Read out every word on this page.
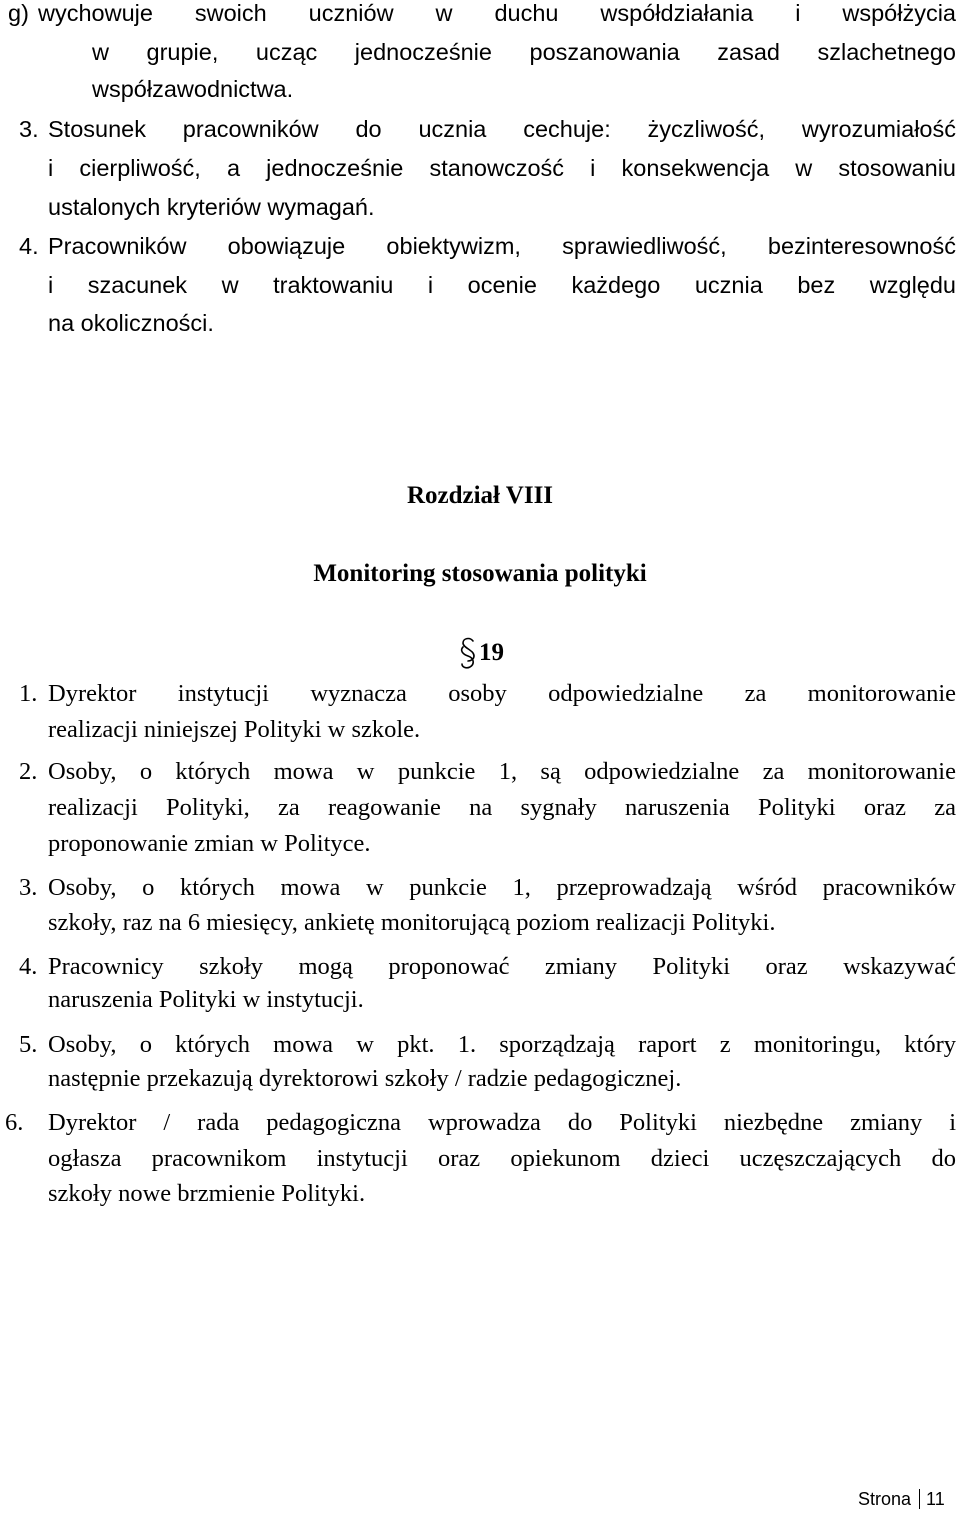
g) wychowuje swoich uczniów w duchu współdziałania i współżycia
w grupie, ucząc jednocześnie poszanowania zasad szlachetnego
współzawodnictwa.
3. Stosunek pracowników do ucznia cechuje: życzliwość, wyrozumiałość
i cierpliwość, a jednocześnie stanowczość i konsekwencja w stosowaniu
ustalonych kryteriów wymagań.
4. Pracowników obowiązuje obiektywizm, sprawiedliwość, bezinteresowność
i szacunek w traktowaniu i ocenie każdego ucznia bez względu
na okoliczności.
Rozdział VIII
Monitoring stosowania polityki
19
1. Dyrektor instytucji wyznacza osoby odpowiedzialne za monitorowanie
realizacji niniejszej Polityki w szkole.
2. Osoby, o których mowa w punkcie 1, są odpowiedzialne za monitorowanie
realizacji Polityki, za reagowanie na sygnały naruszenia Polityki oraz za
proponowanie zmian w Polityce.
3. Osoby, o których mowa w punkcie 1, przeprowadzają wśród pracowników
szkoły, raz na 6 miesięcy, ankietę monitorującą poziom realizacji Polityki.
4. Pracownicy szkoły mogą proponować zmiany Polityki oraz wskazywać
naruszenia Polityki w instytucji.
5. Osoby, o których mowa w pkt. 1. sporządzają raport z monitoringu, który
następnie przekazują dyrektorowi szkoły / radzie pedagogicznej.
6. Dyrektor / rada pedagogiczna wprowadza do Polityki niezbędne zmiany i
ogłasza pracownikom instytucji oraz opiekunom dzieci uczęszczających do
szkoły nowe brzmienie Polityki.
Strona 11
